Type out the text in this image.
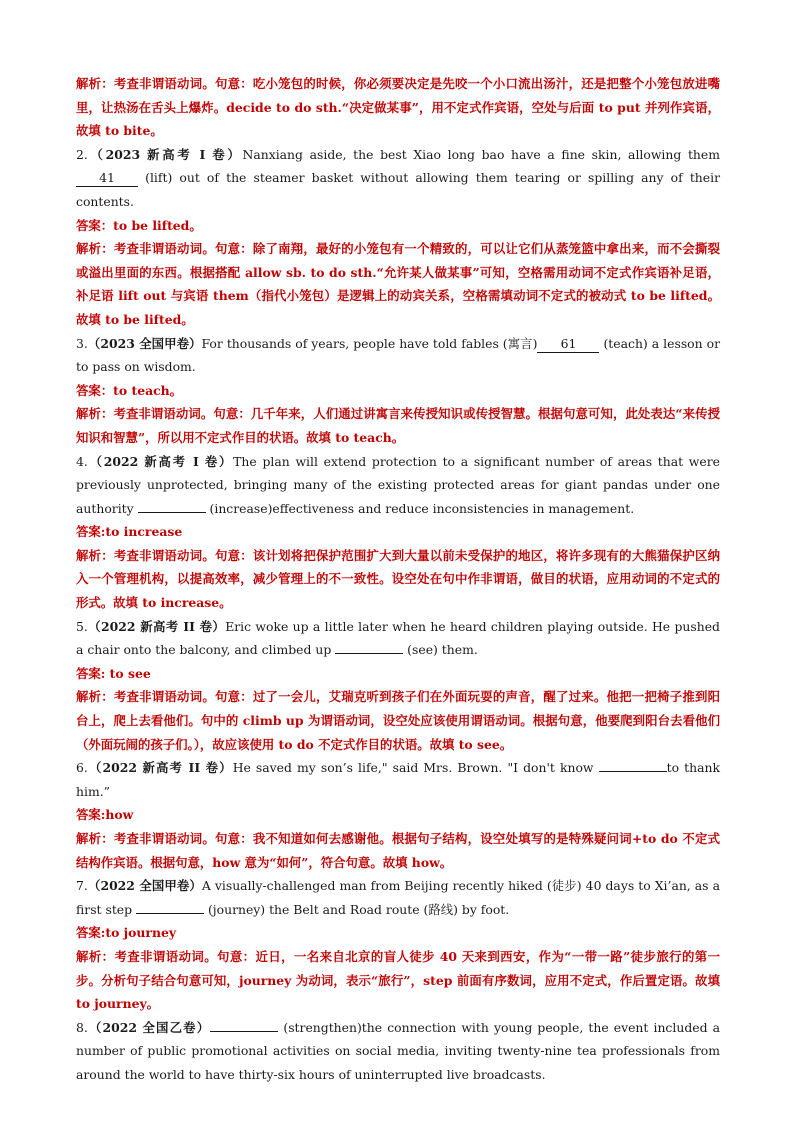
解析：考查非谓语动词。句意：吃小笼包的时候，你必须要决定是先咬一个小口流出汤汁，还是把整个小笼包放进嘴里，让热汤在舌头上爆炸。decide to do sth.“决定做某事”，用不定式作宾语，空处与后面 to put 并列作宾语，故填 to bite。

2.（2023 新高考 I 卷）Nanxiang aside, the best Xiao long bao have a fine skin, allowing them 41 (lift) out of the steamer basket without allowing them tearing or spilling any of their contents.

答案：to be lifted。

解析：考查非谓语动词。句意：除了南翔，最好的小笼包有一个精致的，可以让它们从蒸笼篮中拿出来，而不会撕裂或溢出里面的东西。根据搭配 allow sb. to do sth.“允许某人做某事”可知，空格需用动词不定式作宾语补足语，补足语 lift out 与宾语 them（指代小笼包）是逻辑上的动宾关系，空格需填动词不定式的被动式 to be lifted。故填 to be lifted。

3.（2023 全国甲卷）For thousands of years, people have told fables (寓言) 61 (teach) a lesson or to pass on wisdom.

答案：to teach。

解析：考查非谓语动词。句意：几千年来，人们通过讲寓言来传授知识或传授智慧。根据句意可知，此处表达“来传授知识和智慧”，所以用不定式作目的状语。故填 to teach。

4.（2022 新高考 I 卷）The plan will extend protection to a significant number of areas that were previously unprotected, bringing many of the existing protected areas for giant pandas under one authority	(increase)effectiveness and reduce inconsistencies in management.

答案:to increase

解析：考查非谓语动词。句意：该计划将把保护范围扩大到大量以前未受保护的地区，将许多现有的大熊猫保护区纳入一个管理机构，以提高效率，减少管理上的不一致性。设空处在句中作非谓语，做目的状语，应用动词的不定式的形式。故填 to increase。

5.（2022 新高考 II 卷）Eric woke up a little later when he heard children playing outside. He pushed a chair onto the balcony, and climbed up	(see) them.

答案: to see

解析：考查非谓语动词。句意：过了一会儿，艾瑞克听到孩子们在外面玩耍的声音，醒了过来。他把一把椅子推到阳台上，爬上去看他们。句中的 climb up 为谓语动词，设空处应该使用谓语动词。根据句意，他要爬到阳台去看他们（外面玩闹的孩子们。），故应该使用 to do 不定式作目的状语。故填 to see。

6.（2022 新高考 II 卷）He saved my son’s life," said Mrs. Brown. "I don't know	to thank him.”

答案:how

解析：考查非谓语动词。句意：我不知道如何去感谢他。根据句子结构，设空处填写的是特殊疑问词+to do 不定式结构作宾语。根据句意，how 意为“如何”，符合句意。故填 how。

7.（2022 全国甲卷）A visually-challenged man from Beijing recently hiked (徒步) 40 days to Xi’an, as a first step	(journey) the Belt and Road route (路线) by foot.

答案:to journey

解析：考查非谓语动词。句意：近日，一名来自北京的盲人徒步 40 天来到西安，作为“一带一路”徒步旅行的第一步。分析句子结合句意可知，journey 为动词，表示“旅行”，step 前面有序数词，应用不定式，作后置定语。故填 to journey。

8.（2022 全国乙卷）	(strengthen)the connection with young people, the event included a number of public promotional activities on social media, inviting twenty-nine tea professionals from around the world to have thirty-six hours of uninterrupted live broadcasts.
